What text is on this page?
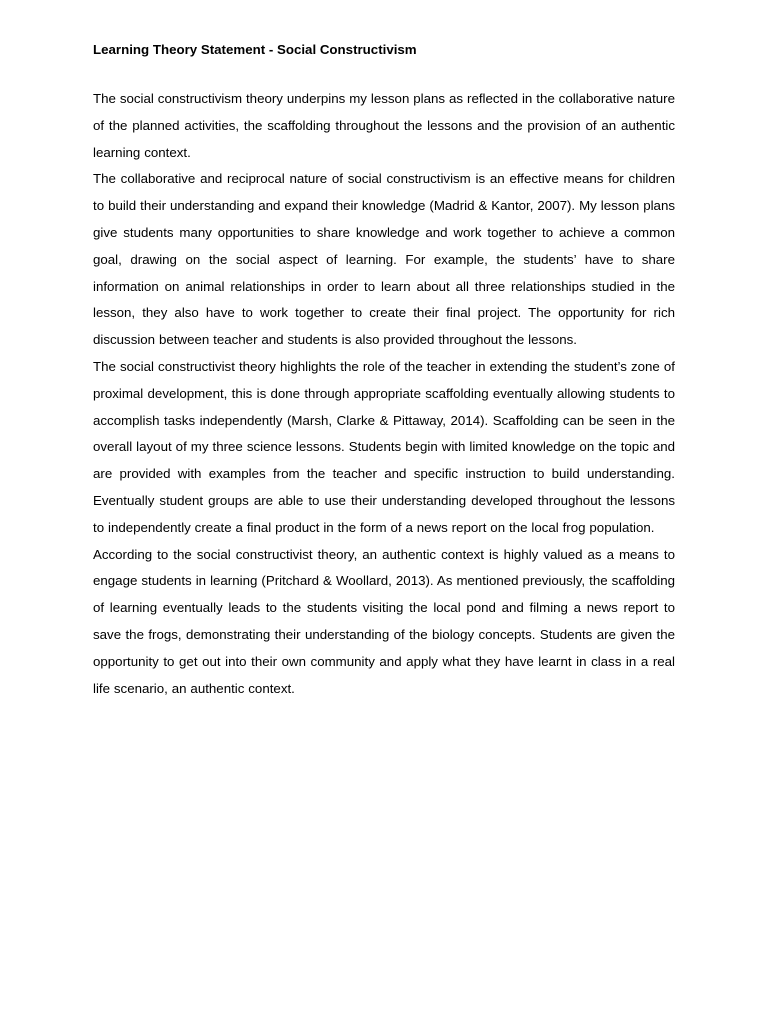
Learning Theory Statement - Social Constructivism

The social constructivism theory underpins my lesson plans as reflected in the collaborative nature of the planned activities, the scaffolding throughout the lessons and the provision of an authentic learning context.

The collaborative and reciprocal nature of social constructivism is an effective means for children to build their understanding and expand their knowledge (Madrid & Kantor, 2007). My lesson plans give students many opportunities to share knowledge and work together to achieve a common goal, drawing on the social aspect of learning. For example, the students’ have to share information on animal relationships in order to learn about all three relationships studied in the lesson, they also have to work together to create their final project. The opportunity for rich discussion between teacher and students is also provided throughout the lessons.

The social constructivist theory highlights the role of the teacher in extending the student’s zone of proximal development, this is done through appropriate scaffolding eventually allowing students to accomplish tasks independently (Marsh, Clarke & Pittaway, 2014). Scaffolding can be seen in the overall layout of my three science lessons. Students begin with limited knowledge on the topic and are provided with examples from the teacher and specific instruction to build understanding. Eventually student groups are able to use their understanding developed throughout the lessons to independently create a final product in the form of a news report on the local frog population.

According to the social constructivist theory, an authentic context is highly valued as a means to engage students in learning (Pritchard & Woollard, 2013). As mentioned previously, the scaffolding of learning eventually leads to the students visiting the local pond and filming a news report to save the frogs, demonstrating their understanding of the biology concepts. Students are given the opportunity to get out into their own community and apply what they have learnt in class in a real life scenario, an authentic context.
